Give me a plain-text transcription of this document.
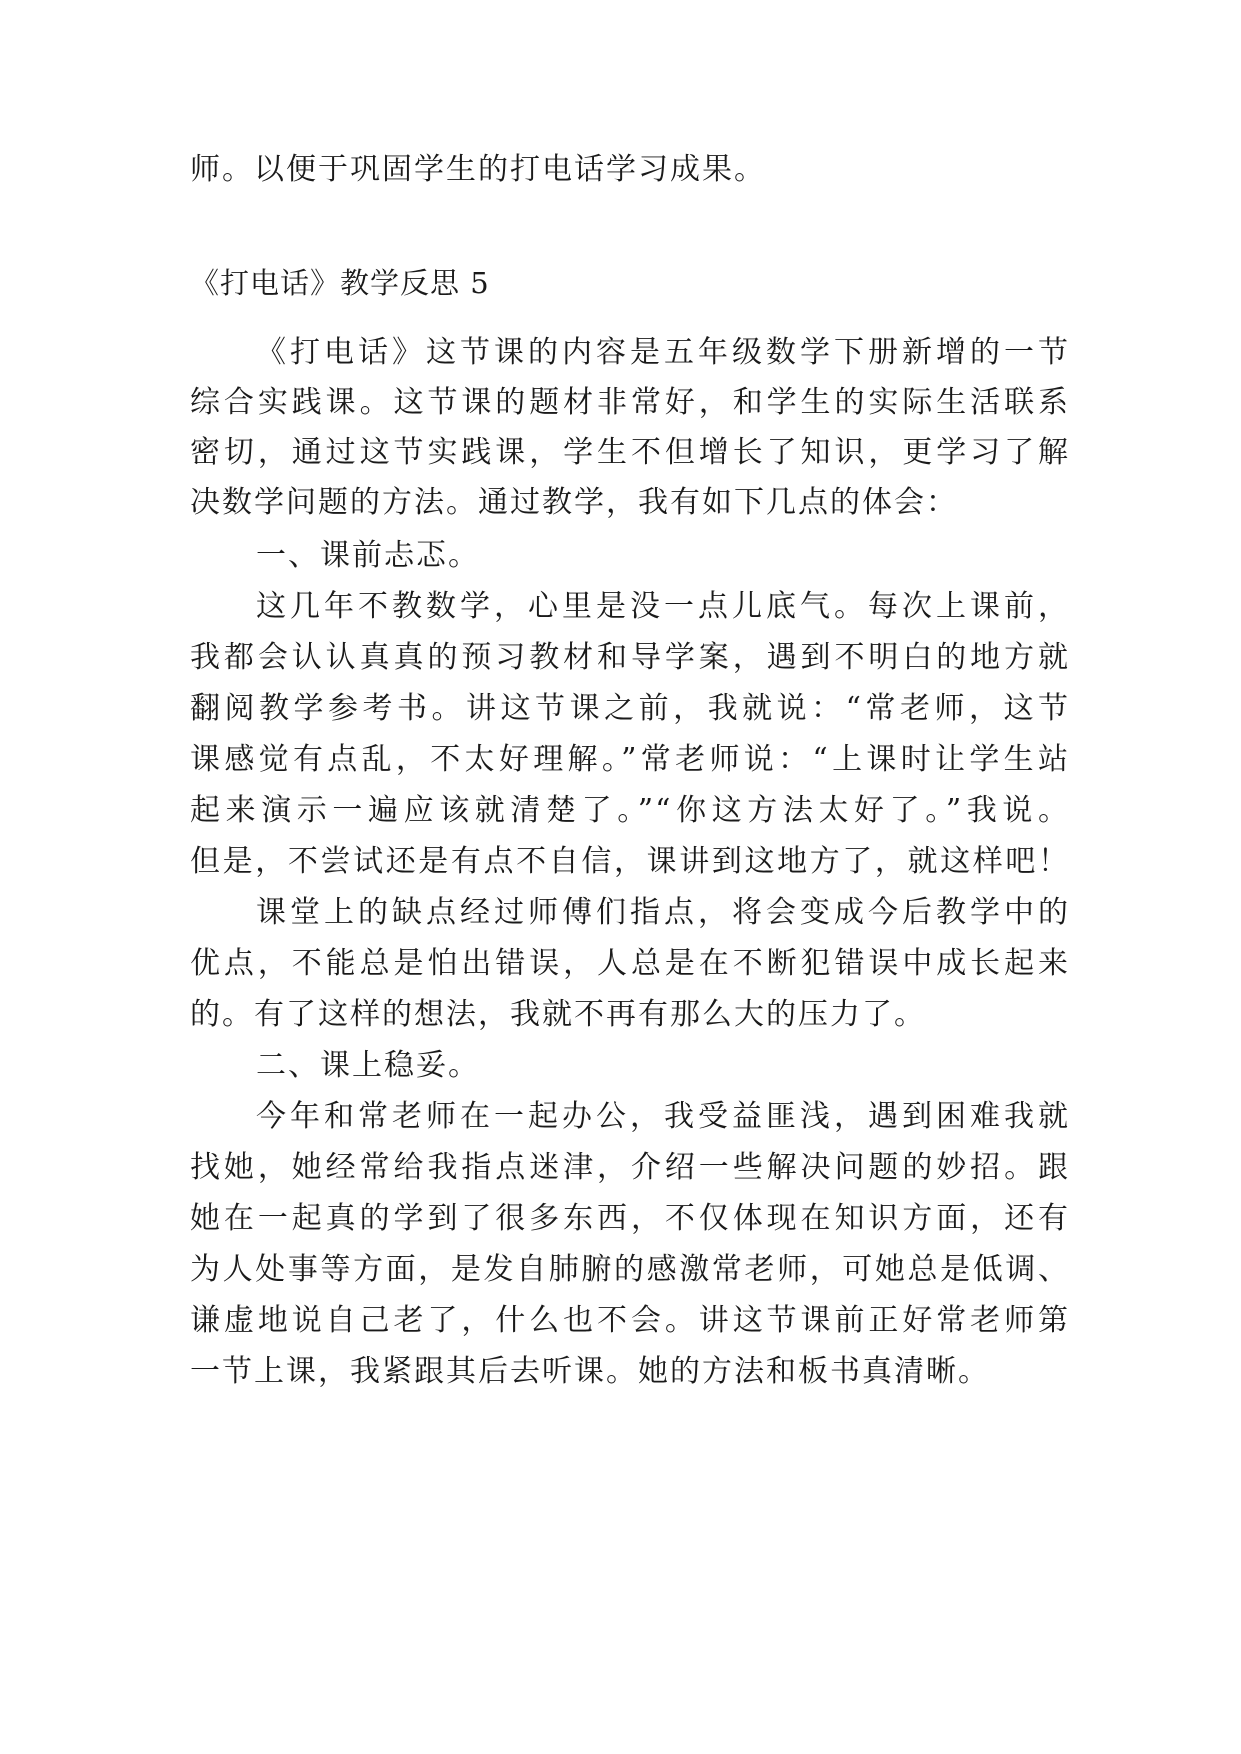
师。以便于巩固学生的打电话学习成果。
《打电话》教学反思 5
《打电话》这节课的内容是五年级数学下册新增的一节
综合实践课。这节课的题材非常好，和学生的实际生活联系
密切，通过这节实践课，学生不但增长了知识，更学习了解
决数学问题的方法。通过教学，我有如下几点的体会：
一、课前忐忑。
这几年不教数学，心里是没一点儿底气。每次上课前，
我都会认认真真的预习教材和导学案，遇到不明白的地方就
翻阅教学参考书。讲这节课之前，我就说：“常老师，这节
课感觉有点乱，不太好理解。”常老师说：“上课时让学生站
起来演示一遍应该就清楚了。”“你这方法太好了。”我说。
但是，不尝试还是有点不自信，课讲到这地方了，就这样吧！
课堂上的缺点经过师傅们指点，将会变成今后教学中的
优点，不能总是怕出错误，人总是在不断犯错误中成长起来
的。有了这样的想法，我就不再有那么大的压力了。
二、课上稳妥。
今年和常老师在一起办公，我受益匪浅，遇到困难我就
找她，她经常给我指点迷津，介绍一些解决问题的妙招。跟
她在一起真的学到了很多东西，不仅体现在知识方面，还有
为人处事等方面，是发自肺腑的感激常老师，可她总是低调、
谦虚地说自己老了，什么也不会。讲这节课前正好常老师第
一节上课，我紧跟其后去听课。她的方法和板书真清晰。
